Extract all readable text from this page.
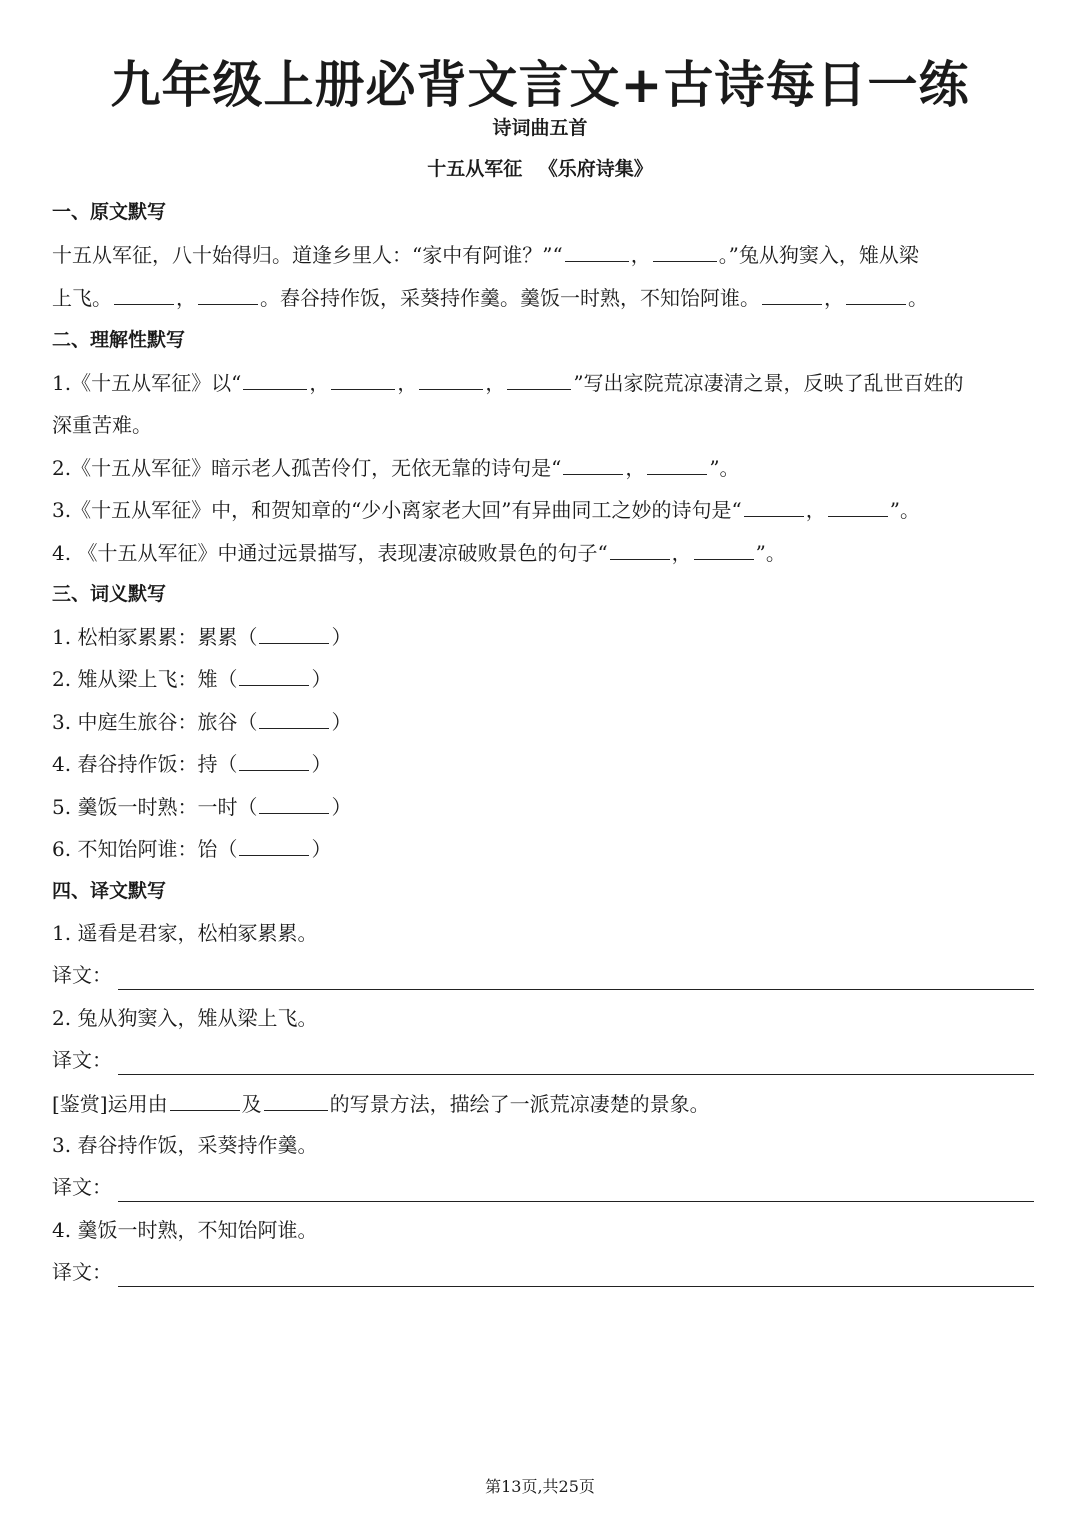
九年级上册必背文言文+古诗每日一练
诗词曲五首
十五从军征 《乐府诗集》
一、原文默写
十五从军征，八十始得归。道逢乡里人：“家中有阿谁？”“	，	。”兔从狗窦入，雉从梁
上飞。	，	。舂谷持作饭，采葵持作羹。羹饭一时熟，不知饴阿谁。	，	。
二、理解性默写
1.《十五从军征》以“	，	，	，	”写出家院荒凉凄清之景，反映了乱世百姓的
深重苦难。
2.《十五从军征》暗示老人孤苦伶仃，无依无靠的诗句是“	，	”。
3.《十五从军征》中，和贺知章的“少小离家老大回”有异曲同工之妙的诗句是“	，	”。
4. 《十五从军征》中通过远景描写，表现凄凉破败景色的句子“	，	”。
三、词义默写
1. 松柏冢累累：累累（	）
2. 雉从梁上飞：雉（	）
3. 中庭生旅谷：旅谷（	）
4. 舂谷持作饭：持（	）
5. 羹饭一时熟：一时（	）
6. 不知饴阿谁：饴（	）
四、译文默写
1. 遥看是君家，松柏冢累累。
译文：
2. 兔从狗窦入，雉从梁上飞。
译文：
[鉴赏]运用由	及	的写景方法，描绘了一派荒凉凄楚的景象。
3. 舂谷持作饭，采葵持作羹。
译文：
4. 羹饭一时熟，不知饴阿谁。
译文：
第13页,共25页
